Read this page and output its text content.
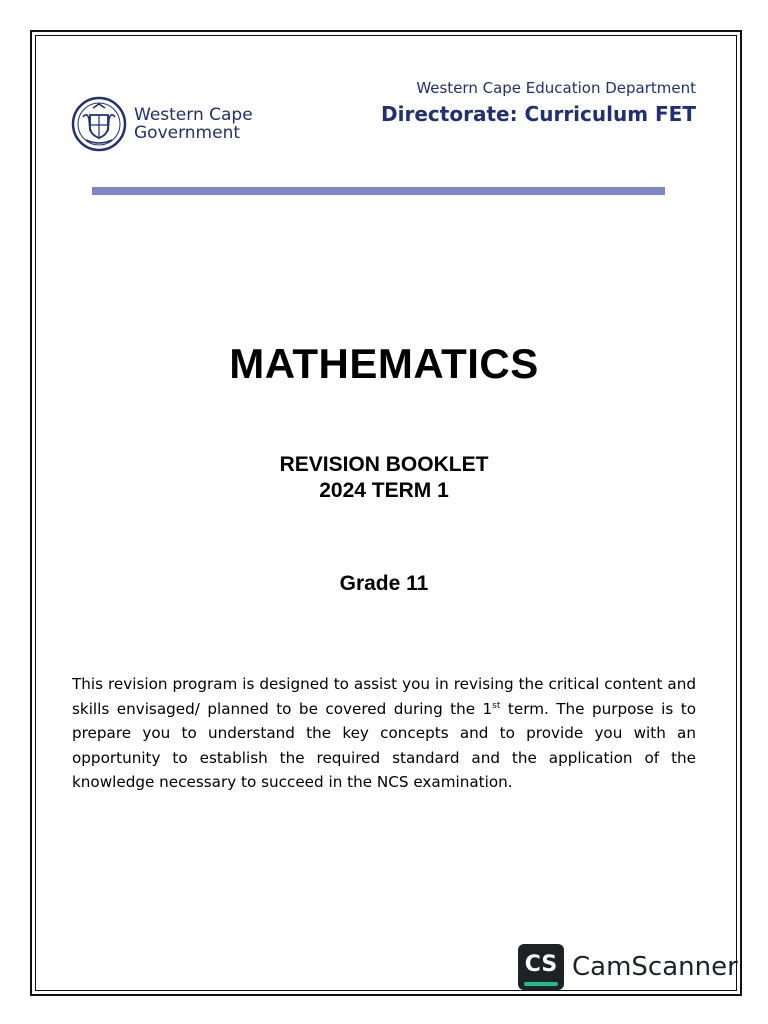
Western Cape
Government
Western Cape Education Department
Directorate: Curriculum FET
MATHEMATICS
REVISION BOOKLET
2024 TERM 1
Grade 11
This revision program is designed to assist you in revising the critical content and skills envisaged/ planned to be covered during the 1st term. The purpose is to prepare you to understand the key concepts and to provide you with an opportunity to establish the required standard and the application of the knowledge necessary to succeed in the NCS examination.
CS CamScanner
